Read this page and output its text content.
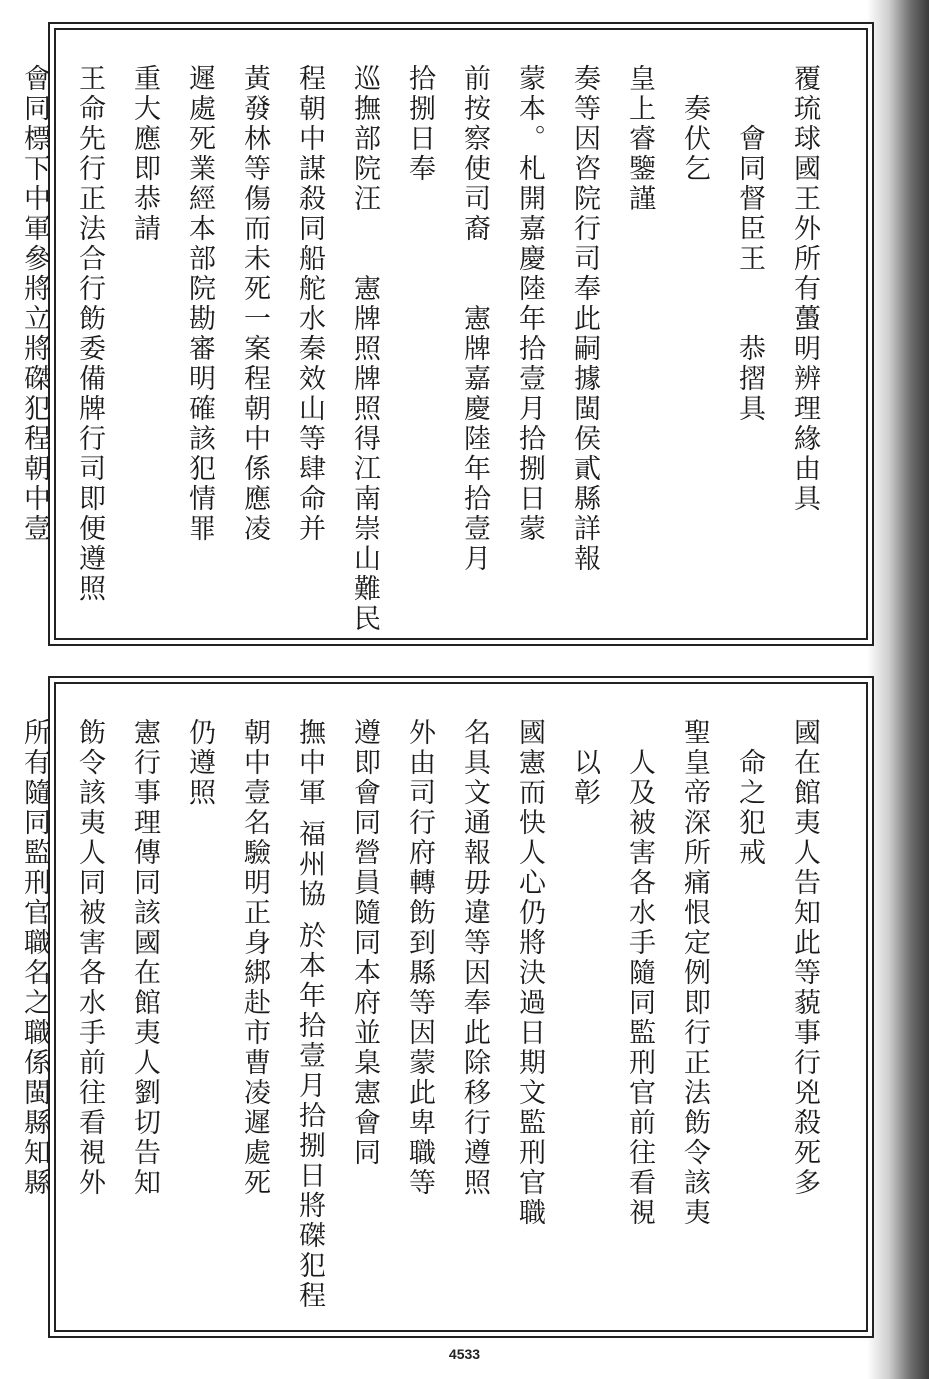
覆琉球國王外所有蠆明辨理緣由具
　　會同督臣王　　恭摺具
　奏伏乞
皇上睿鑒謹
奏等因咨院行司奉此嗣據閩侯貳縣詳報
蒙本。札開嘉慶陸年拾壹月拾捌日蒙
前按察使司裔　　憲牌嘉慶陸年拾壹月
拾捌日奉
巡撫部院汪　　憲牌照牌照得江南崇山難民
程朝中謀殺同船舵水秦效山等肆命并
黃發林等傷而未死一案程朝中係應凌
遲處死業經本部院勘審明確該犯情罪
重大應即恭請
王命先行正法合行飭委備牌行司即便遵照
會同標下中軍參將立將磔犯程朝中壹
國在館夷人告知此等藐事行兇殺死多
　命之犯戒
聖皇帝深所痛恨定例即行正法飭令該夷
　人及被害各水手隨同監刑官前往看視
　以彰
國憲而快人心仍將決過日期文監刑官職
名具文通報毋違等因奉此除移行遵照
外由司行府轉飭到縣等因蒙此卑職等
遵即會同營員隨同本府並臬憲會同
撫中軍 福州協 於本年拾壹月拾捌日將磔犯程
朝中壹名驗明正身綁赴市曹凌遲處死
仍遵照
憲行事理傳同該國在館夷人劉切告知
飭令該夷人同被害各水手前往看視外
所有隨同監刑官職名之職係閩縣知縣
4533
